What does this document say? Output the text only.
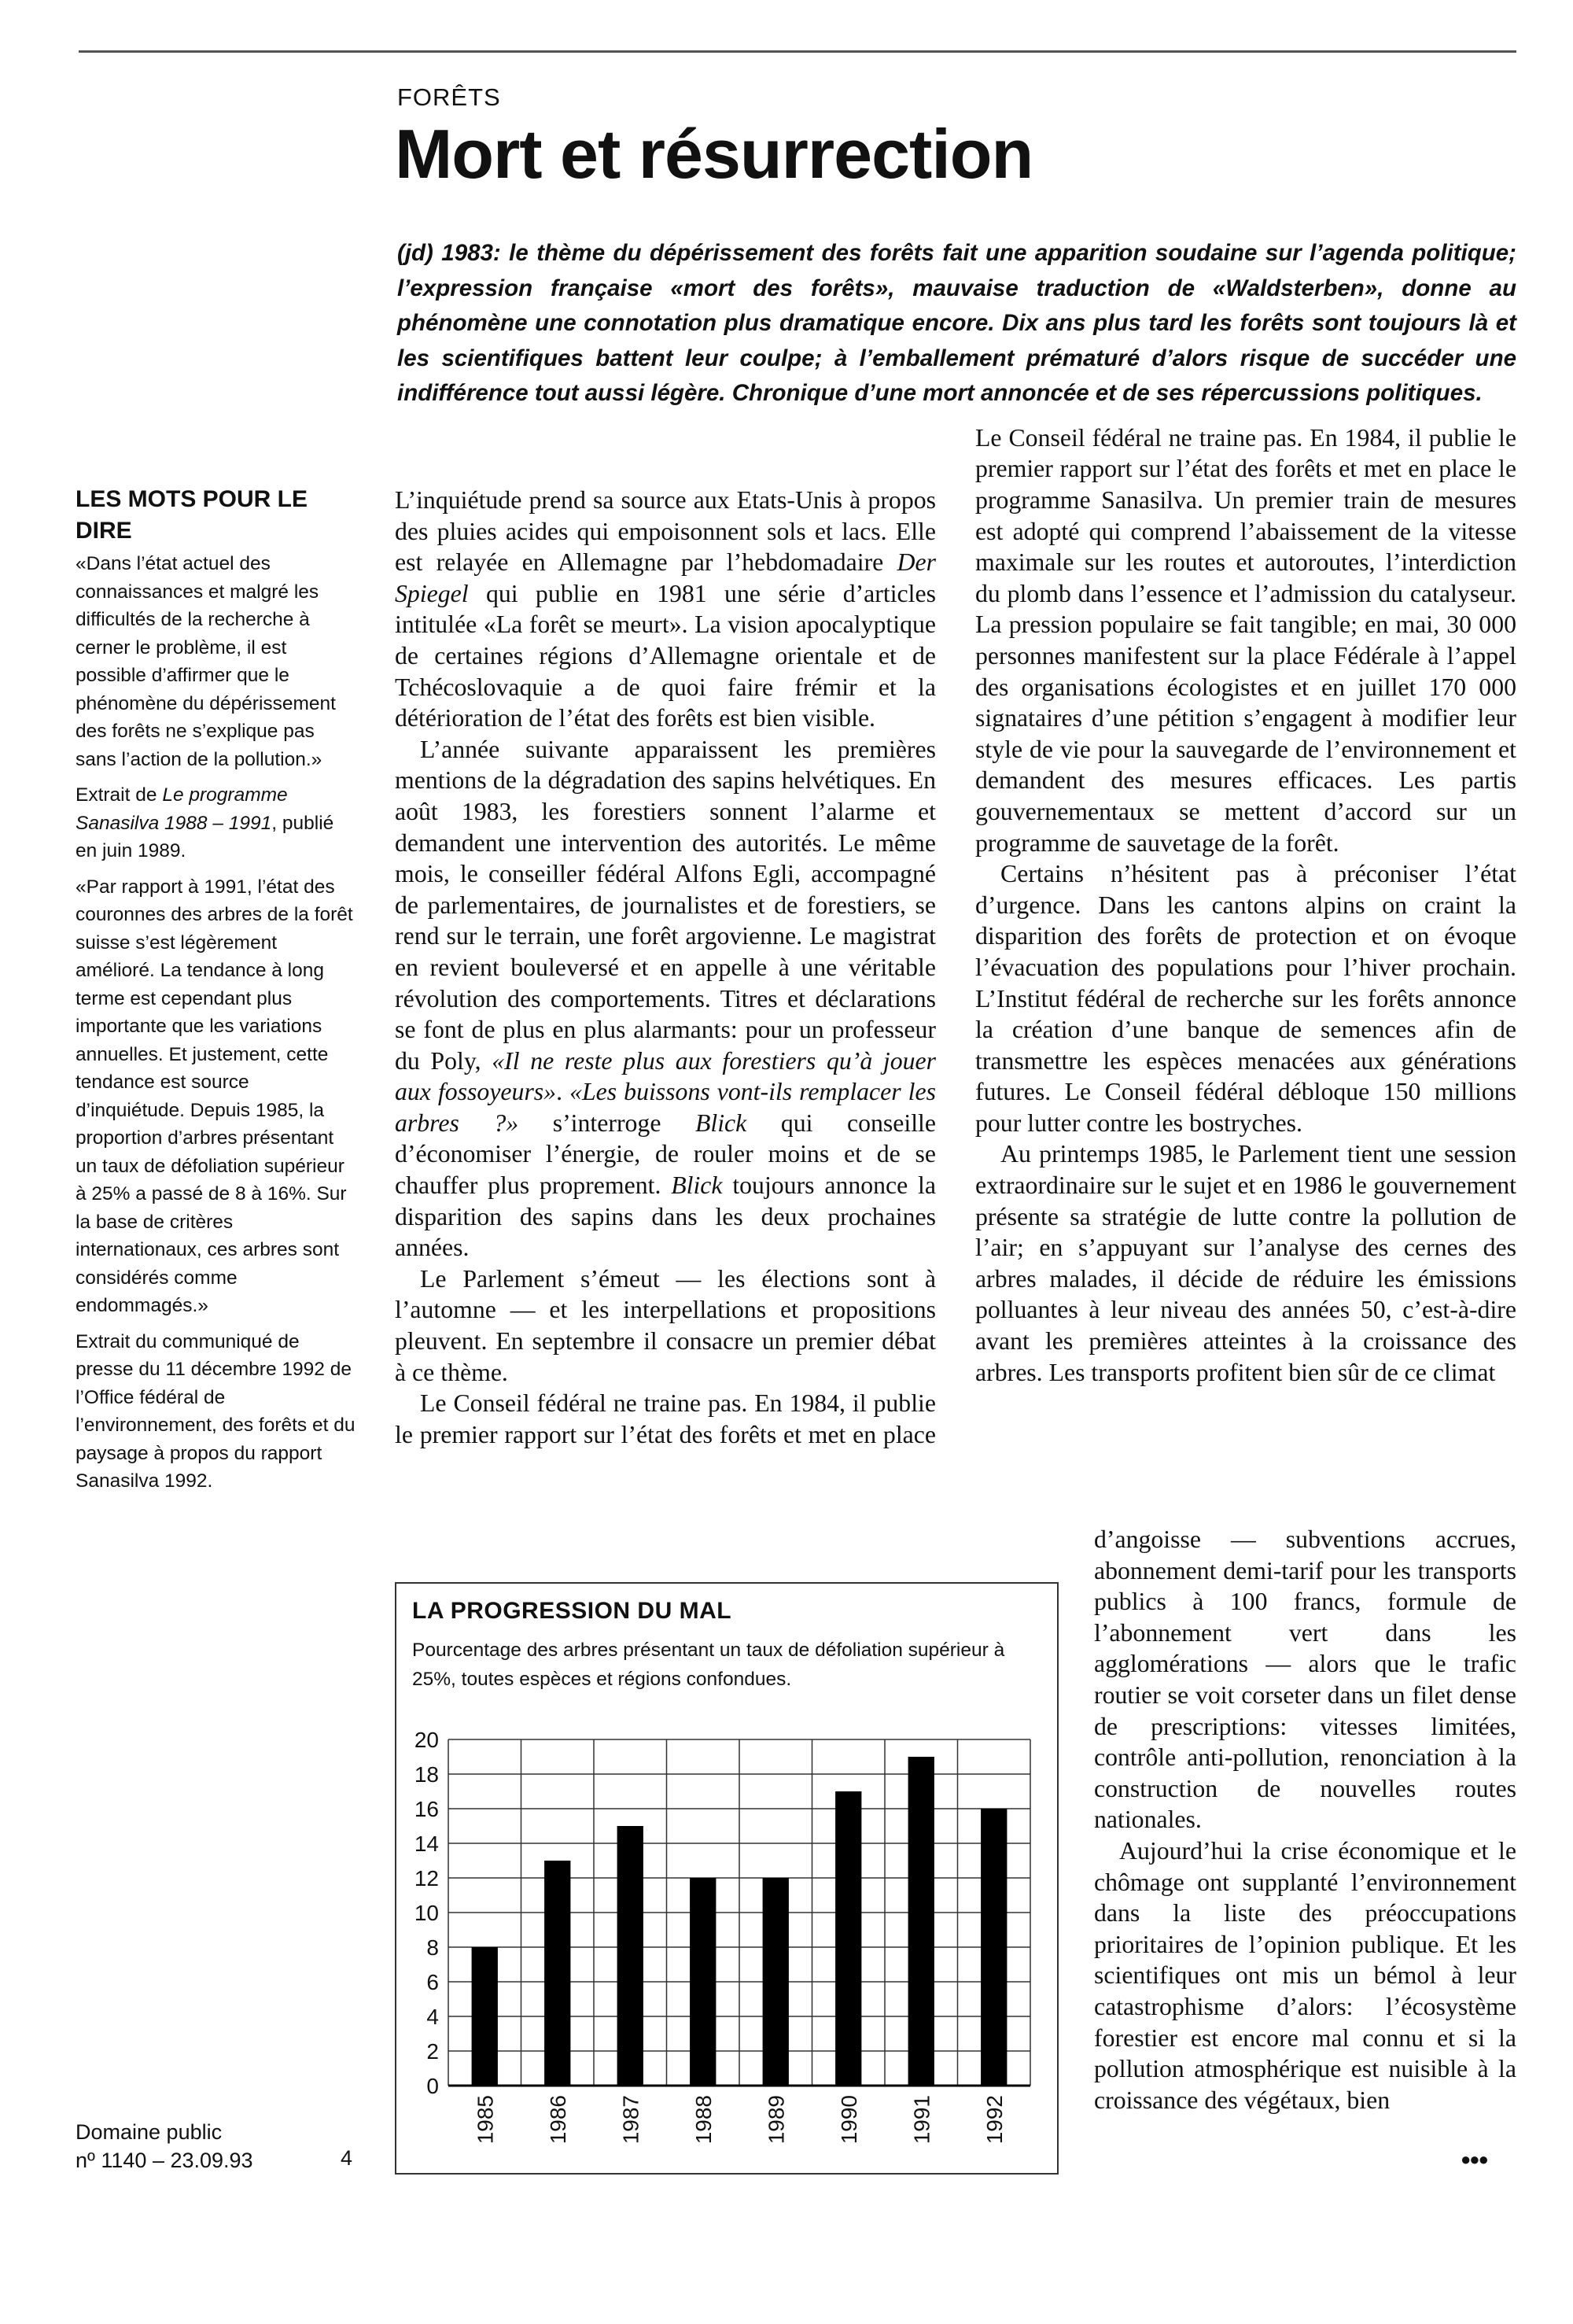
FORÊTS
Mort et résurrection

(jd) 1983: le thème du dépérissement des forêts fait une apparition soudaine sur l’agenda politique; l’expression française «mort des forêts», mauvaise traduction de «Waldsterben», donne au phénomène une connotation plus dramatique encore. Dix ans plus tard les forêts sont toujours là et les scientifiques battent leur coulpe; à l’emballement prématuré d’alors risque de succéder une indifférence tout aussi légère. Chronique d’une mort annoncée et de ses répercussions politiques.

LES MOTS POUR LE DIRE

«Dans l’état actuel des connaissances et malgré les difficultés de la recherche à cerner le problème, il est possible d’affirmer que le phénomène du dépérissement des forêts ne s’explique pas sans l’action de la pollution.»

Extrait de Le programme Sanasilva 1988 – 1991, publié en juin 1989.

«Par rapport à 1991, l’état des couronnes des arbres de la forêt suisse s’est légèrement amélioré. La tendance à long terme est cependant plus importante que les variations annuelles. Et justement, cette tendance est source d’inquiétude. Depuis 1985, la proportion d’arbres présentant un taux de défoliation supérieur à 25% a passé de 8 à 16%. Sur la base de critères internationaux, ces arbres sont considérés comme endommagés.»

Extrait du communiqué de presse du 11 décembre 1992 de l’Office fédéral de l’environnement, des forêts et du paysage à propos du rapport Sanasilva 1992.

L’inquiétude prend sa source aux Etats-Unis à propos des pluies acides qui empoisonnent sols et lacs. Elle est relayée en Allemagne par l’hebdomadaire Der Spiegel qui publie en 1981 une série d’articles intitulée «La forêt se meurt». La vision apocalyptique de certaines régions d’Allemagne orientale et de Tchécoslovaquie a de quoi faire frémir et la détérioration de l’état des forêts est bien visible.

L’année suivante apparaissent les premières mentions de la dégradation des sapins helvétiques. En août 1983, les forestiers sonnent l’alarme et demandent une intervention des autorités. Le même mois, le conseiller fédéral Alfons Egli, accompagné de parlementaires, de journalistes et de forestiers, se rend sur le terrain, une forêt argovienne. Le magistrat en revient bouleversé et en appelle à une véritable révolution des comportements. Titres et déclarations se font de plus en plus alarmants: pour un professeur du Poly, «Il ne reste plus aux forestiers qu’à jouer aux fossoyeurs». «Les buissons vont-ils remplacer les arbres ?» s’interroge Blick qui conseille d’économiser l’énergie, de rouler moins et de se chauffer plus proprement. Blick toujours annonce la disparition des sapins dans les deux prochaines années.

Le Parlement s’émeut — les élections sont à l’automne — et les interpellations et propositions pleuvent. En septembre il consacre un premier débat à ce thème.

Le Conseil fédéral ne traine pas. En 1984, il publie le premier rapport sur l’état des forêts et met en place

Le Conseil fédéral ne traine pas. En 1984, il publie le premier rapport sur l’état des forêts et met en place le programme Sanasilva. Un premier train de mesures est adopté qui comprend l’abaissement de la vitesse maximale sur les routes et autoroutes, l’interdiction du plomb dans l’essence et l’admission du catalyseur. La pression populaire se fait tangible; en mai, 30 000 personnes manifestent sur la place Fédérale à l’appel des organisations écologistes et en juillet 170 000 signataires d’une pétition s’engagent à modifier leur style de vie pour la sauvegarde de l’environnement et demandent des mesures efficaces. Les partis gouvernementaux se mettent d’accord sur un programme de sauvetage de la forêt.

Certains n’hésitent pas à préconiser l’état d’urgence. Dans les cantons alpins on craint la disparition des forêts de protection et on évoque l’évacuation des populations pour l’hiver prochain. L’Institut fédéral de recherche sur les forêts annonce la création d’une banque de semences afin de transmettre les espèces menacées aux générations futures. Le Conseil fédéral débloque 150 millions pour lutter contre les bostryches.

Au printemps 1985, le Parlement tient une session extraordinaire sur le sujet et en 1986 le gouvernement présente sa stratégie de lutte contre la pollution de l’air; en s’appuyant sur l’analyse des cernes des arbres malades, il décide de réduire les émissions polluantes à leur niveau des années 50, c’est-à-dire avant les premières atteintes à la croissance des arbres. Les transports profitent bien sûr de ce climat

d’angoisse — subventions accrues, abonnement demi-tarif pour les transports publics à 100 francs, formule de l’abonnement vert dans les agglomérations — alors que le trafic routier se voit corseter dans un filet dense de prescriptions: vitesses limitées, contrôle anti-pollution, renonciation à la construction de nouvelles routes nationales.

Aujourd’hui la crise économique et le chômage ont supplanté l’environnement dans la liste des préoccupations prioritaires de l’opinion publique. Et les scientifiques ont mis un bémol à leur catastrophisme d’alors: l’écosystème forestier est encore mal connu et si la pollution atmosphérique est nuisible à la croissance des végétaux, bien

LA PROGRESSION DU MAL
Pourcentage des arbres présentant un taux de défoliation supérieur à 25%, toutes espèces et régions confondues.
0
2
4
6
8
10
12
14
16
18
20
1985 1986 1987 1988 1989 1990 1991 1992
Domaine public
nº 1140 – 23.09.93	4	●●●
